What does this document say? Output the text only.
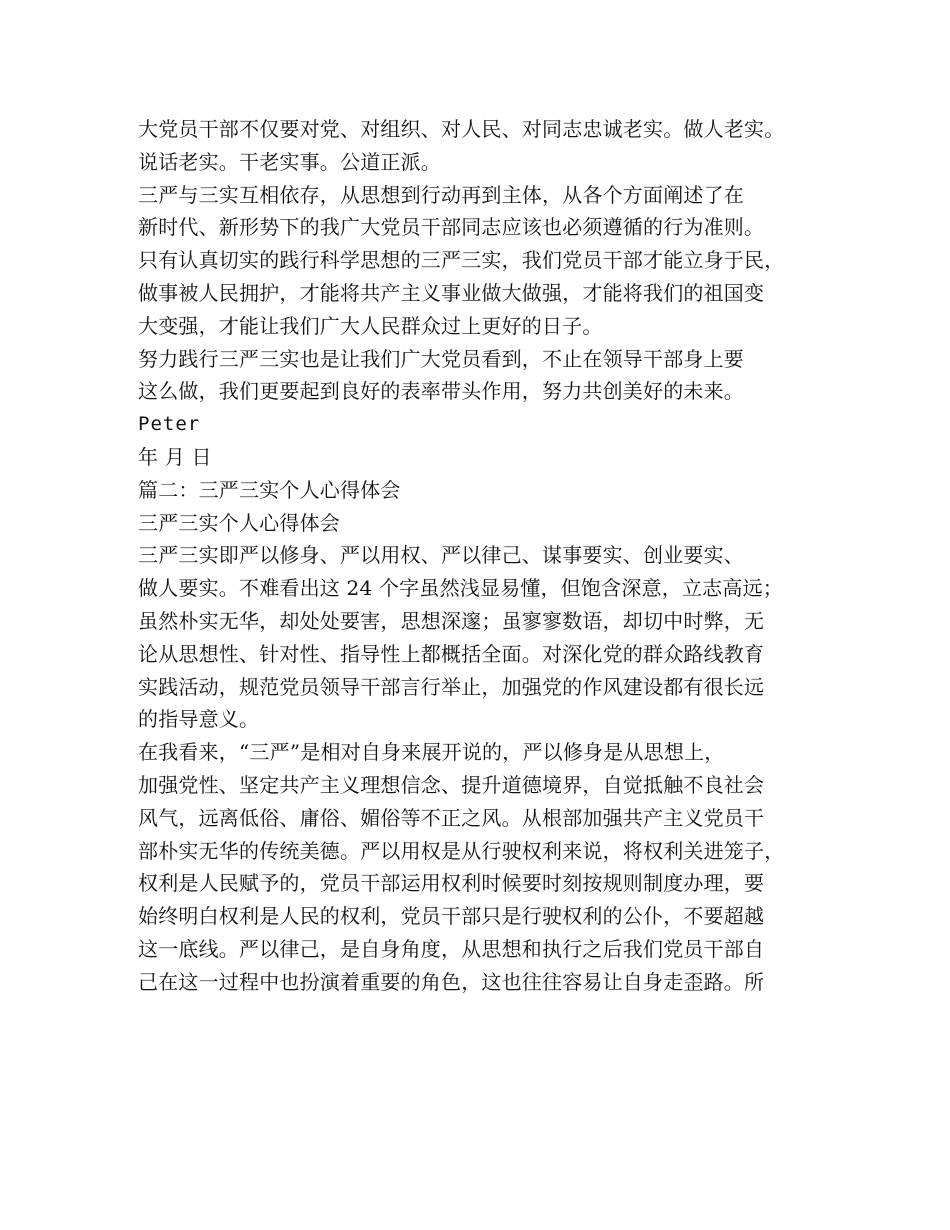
大党员干部不仅要对党、对组织、对人民、对同志忠诚老实。做人老实。
说话老实。干老实事。公道正派。
三严与三实互相依存，从思想到行动再到主体，从各个方面阐述了在
新时代、新形势下的我广大党员干部同志应该也必须遵循的行为准则。
只有认真切实的践行科学思想的三严三实，我们党员干部才能立身于民，
做事被人民拥护，才能将共产主义事业做大做强，才能将我们的祖国变
大变强，才能让我们广大人民群众过上更好的日子。
努力践行三严三实也是让我们广大党员看到，不止在领导干部身上要
这么做，我们更要起到良好的表率带头作用，努力共创美好的未来。
Peter
年 月 日
篇二：三严三实个人心得体会
三严三实个人心得体会
三严三实即严以修身、严以用权、严以律己、谋事要实、创业要实、
做人要实。不难看出这 24 个字虽然浅显易懂，但饱含深意，立志高远；
虽然朴实无华，却处处要害，思想深邃；虽寥寥数语，却切中时弊，无
论从思想性、针对性、指导性上都概括全面。对深化党的群众路线教育
实践活动，规范党员领导干部言行举止，加强党的作风建设都有很长远
的指导意义。
在我看来，“三严”是相对自身来展开说的，严以修身是从思想上，
加强党性、坚定共产主义理想信念、提升道德境界，自觉抵触不良社会
风气，远离低俗、庸俗、媚俗等不正之风。从根部加强共产主义党员干
部朴实无华的传统美德。严以用权是从行驶权利来说，将权利关进笼子，
权利是人民赋予的，党员干部运用权利时候要时刻按规则制度办理，要
始终明白权利是人民的权利，党员干部只是行驶权利的公仆，不要超越
这一底线。严以律己，是自身角度，从思想和执行之后我们党员干部自
己在这一过程中也扮演着重要的角色，这也往往容易让自身走歪路。所
